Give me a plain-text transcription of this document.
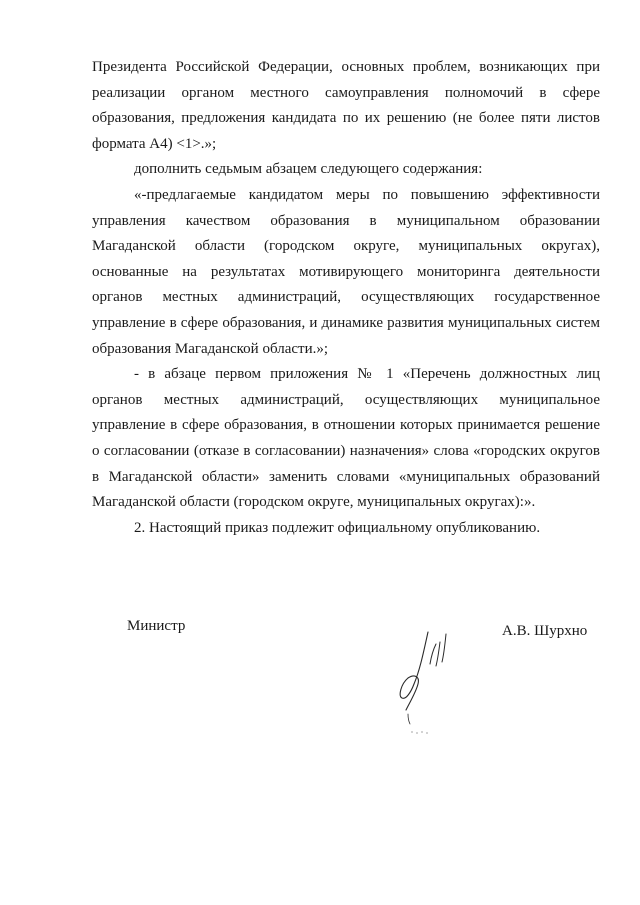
Президента Российской Федерации, основных проблем, возникающих при реализации органом местного самоуправления полномочий в сфере образования, предложения кандидата по их решению (не более пяти листов формата А4) <1>.»;

дополнить седьмым абзацем следующего содержания:

«-предлагаемые кандидатом меры по повышению эффективности управления качеством образования в муниципальном образовании Магаданской области (городском округе, муниципальных округах), основанные на результатах мотивирующего мониторинга деятельности органов местных администраций, осуществляющих государственное управление в сфере образования, и динамике развития муниципальных систем образования Магаданской области.»;

- в абзаце первом приложения № 1 «Перечень должностных лиц органов местных администраций, осуществляющих муниципальное управление в сфере образования, в отношении которых принимается решение о согласовании (отказе в согласовании) назначения» слова «городских округов в Магаданской области» заменить словами «муниципальных образований Магаданской области (городском округе, муниципальных округах):».

2. Настоящий приказ подлежит официальному опубликованию.

Министр	А.В. Шурхно
